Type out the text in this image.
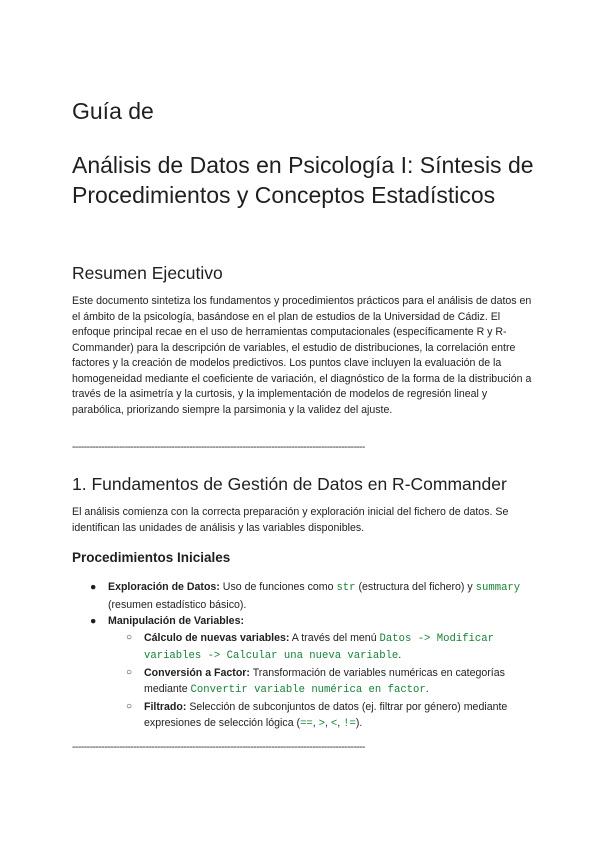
Guía de
Análisis de Datos en Psicología I: Síntesis de Procedimientos y Conceptos Estadísticos
Resumen Ejecutivo

Este documento sintetiza los fundamentos y procedimientos prácticos para el análisis de datos en el ámbito de la psicología, basándose en el plan de estudios de la Universidad de Cádiz. El enfoque principal recae en el uso de herramientas computacionales (específicamente R y R-Commander) para la descripción de variables, el estudio de distribuciones, la correlación entre factores y la creación de modelos predictivos. Los puntos clave incluyen la evaluación de la homogeneidad mediante el coeficiente de variación, el diagnóstico de la forma de la distribución a través de la asimetría y la curtosis, y la implementación de modelos de regresión lineal y parabólica, priorizando siempre la parsimonia y la validez del ajuste.

----------------------------------------------------------------------------------------------------
1. Fundamentos de Gestión de Datos en R-Commander

El análisis comienza con la correcta preparación y exploración inicial del fichero de datos. Se identifican las unidades de análisis y las variables disponibles.

Procedimientos Iniciales
● Exploración de Datos: Uso de funciones como str (estructura del fichero) y summary (resumen estadístico básico).
● Manipulación de Variables:
○ Cálculo de nuevas variables: A través del menú Datos -> Modificar variables -> Calcular una nueva variable.
○ Conversión a Factor: Transformación de variables numéricas en categorías mediante Convertir variable numérica en factor.
○ Filtrado: Selección de subconjuntos de datos (ej. filtrar por género) mediante expresiones de selección lógica (==, >, <, !=).
----------------------------------------------------------------------------------------------------
